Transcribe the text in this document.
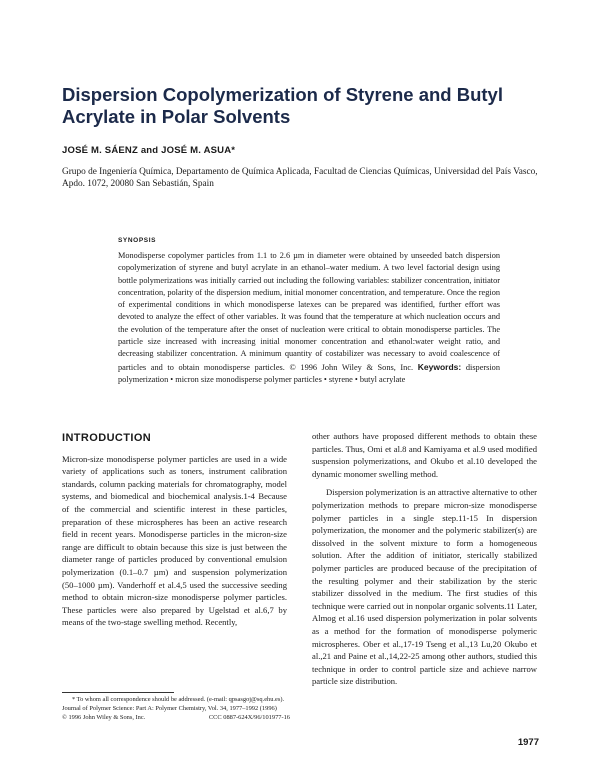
Dispersion Copolymerization of Styrene and Butyl Acrylate in Polar Solvents
JOSÉ M. SÁENZ and JOSÉ M. ASUA*
Grupo de Ingeniería Química, Departamento de Química Aplicada, Facultad de Ciencias Químicas, Universidad del País Vasco, Apdo. 1072, 20080 San Sebastián, Spain
SYNOPSIS
Monodisperse copolymer particles from 1.1 to 2.6 µm in diameter were obtained by unseeded batch dispersion copolymerization of styrene and butyl acrylate in an ethanol–water medium. A two level factorial design using bottle polymerizations was initially carried out including the following variables: stabilizer concentration, initiator concentration, polarity of the dispersion medium, initial monomer concentration, and temperature. Once the region of experimental conditions in which monodisperse latexes can be prepared was identified, further effort was devoted to analyze the effect of other variables. It was found that the temperature at which nucleation occurs and the evolution of the temperature after the onset of nucleation were critical to obtain monodisperse particles. The particle size increased with increasing initial monomer concentration and ethanol:water weight ratio, and decreasing stabilizer concentration. A minimum quantity of costabilizer was necessary to avoid coalescence of particles and to obtain monodisperse particles. © 1996 John Wiley & Sons, Inc. Keywords: dispersion polymerization • micron size monodisperse polymer particles • styrene • butyl acrylate
INTRODUCTION

Micron-size monodisperse polymer particles are used in a wide variety of applications such as toners, instrument calibration standards, column packing materials for chromatography, model systems, and biomedical and biochemical analysis.1-4 Because of the commercial and scientific interest in these particles, preparation of these microspheres has been an active research field in recent years. Monodisperse particles in the micron-size range are difficult to obtain because this size is just between the diameter range of particles produced by conventional emulsion polymerization (0.1–0.7 µm) and suspension polymerization (50–1000 µm). Vanderhoff et al.4,5 used the successive seeding method to obtain micron-size monodisperse polymer particles. These particles were also prepared by Ugelstad et al.6,7 by means of the two-stage swelling method. Recently,

other authors have proposed different methods to obtain these particles. Thus, Omi et al.8 and Kamiyama et al.9 used modified suspension polymerizations, and Okubo et al.10 developed the dynamic monomer swelling method.

Dispersion polymerization is an attractive alternative to other polymerization methods to prepare micron-size monodisperse polymer particles in a single step.11-15 In dispersion polymerization, the monomer and the polymeric stabilizer(s) are dissolved in the solvent mixture to form a homogeneous solution. After the addition of initiator, sterically stabilized polymer particles are produced because of the precipitation of the resulting polymer and their stabilization by the steric stabilizer dissolved in the medium. The first studies of this technique were carried out in nonpolar organic solvents.11 Later, Almog et al.16 used dispersion polymerization in polar solvents as a method for the formation of monodisperse polymeric microspheres. Ober et al.,17-19 Tseng et al.,13 Lu,20 Okubo et al.,21 and Paine et al.,14,22-25 among other authors, studied this technique in order to control particle size and achieve narrow particle size distribution.

* To whom all correspondence should be addressed. (e-mail: qpsasgoj@sq.ehu.es).
Journal of Polymer Science: Part A: Polymer Chemistry, Vol. 34, 1977–1992 (1996)
© 1996 John Wiley & Sons, Inc.	CCC 0887-624X/96/101977-16
1977
